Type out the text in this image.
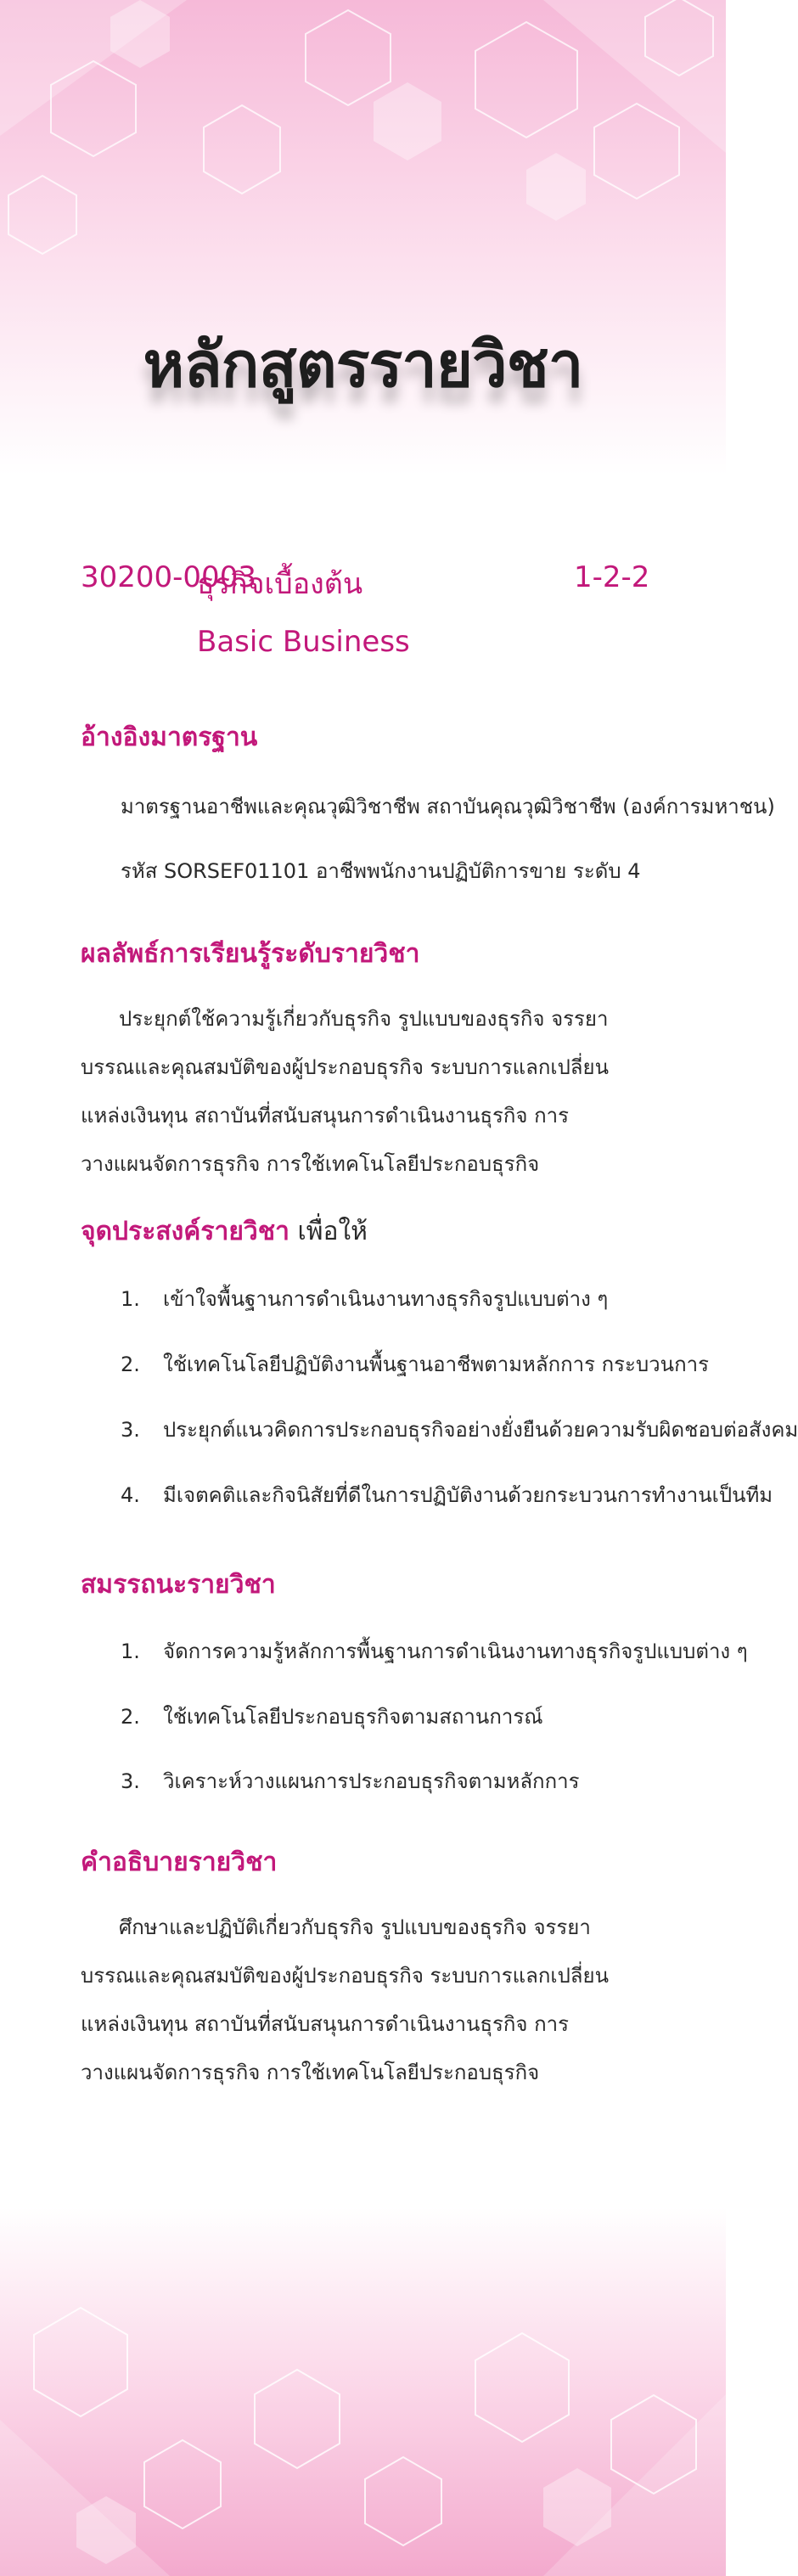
หลักสูตรรายวิชา
30200-0003
ธุรกิจเบื้องต้น	1-2-2
Basic Business
อ้างอิงมาตรฐาน
มาตรฐานอาชีพและคุณวุฒิวิชาชีพ สถาบันคุณวุฒิวิชาชีพ (องค์การมหาชน)
รหัส SORSEF01101 อาชีพพนักงานปฏิบัติการขาย ระดับ 4
ผลลัพธ์การเรียนรู้ระดับรายวิชา
ประยุกต์ใช้ความรู้เกี่ยวกับธุรกิจ รูปแบบของธุรกิจ จรรยาบรรณและคุณสมบัติของผู้ประกอบธุรกิจ ระบบการแลกเปลี่ยน แหล่งเงินทุน สถาบันที่สนับสนุนการดำเนินงานธุรกิจ การวางแผนจัดการธุรกิจ การใช้เทคโนโลยีประกอบธุรกิจ
จุดประสงค์รายวิชา เพื่อให้
1. เข้าใจพื้นฐานการดำเนินงานทางธุรกิจรูปแบบต่าง ๆ
2. ใช้เทคโนโลยีปฏิบัติงานพื้นฐานอาชีพตามหลักการ กระบวนการ
3. ประยุกต์แนวคิดการประกอบธุรกิจอย่างยั่งยืนด้วยความรับผิดชอบต่อสังคม
4. มีเจตคติและกิจนิสัยที่ดีในการปฏิบัติงานด้วยกระบวนการทำงานเป็นทีม
สมรรถนะรายวิชา
1. จัดการความรู้หลักการพื้นฐานการดำเนินงานทางธุรกิจรูปแบบต่าง ๆ
2. ใช้เทคโนโลยีประกอบธุรกิจตามสถานการณ์
3. วิเคราะห์วางแผนการประกอบธุรกิจตามหลักการ
คำอธิบายรายวิชา
ศึกษาและปฏิบัติเกี่ยวกับธุรกิจ รูปแบบของธุรกิจ จรรยาบรรณและคุณสมบัติของผู้ประกอบธุรกิจ ระบบการแลกเปลี่ยน แหล่งเงินทุน สถาบันที่สนับสนุนการดำเนินงานธุรกิจ การวางแผนจัดการธุรกิจ การใช้เทคโนโลยีประกอบธุรกิจ
